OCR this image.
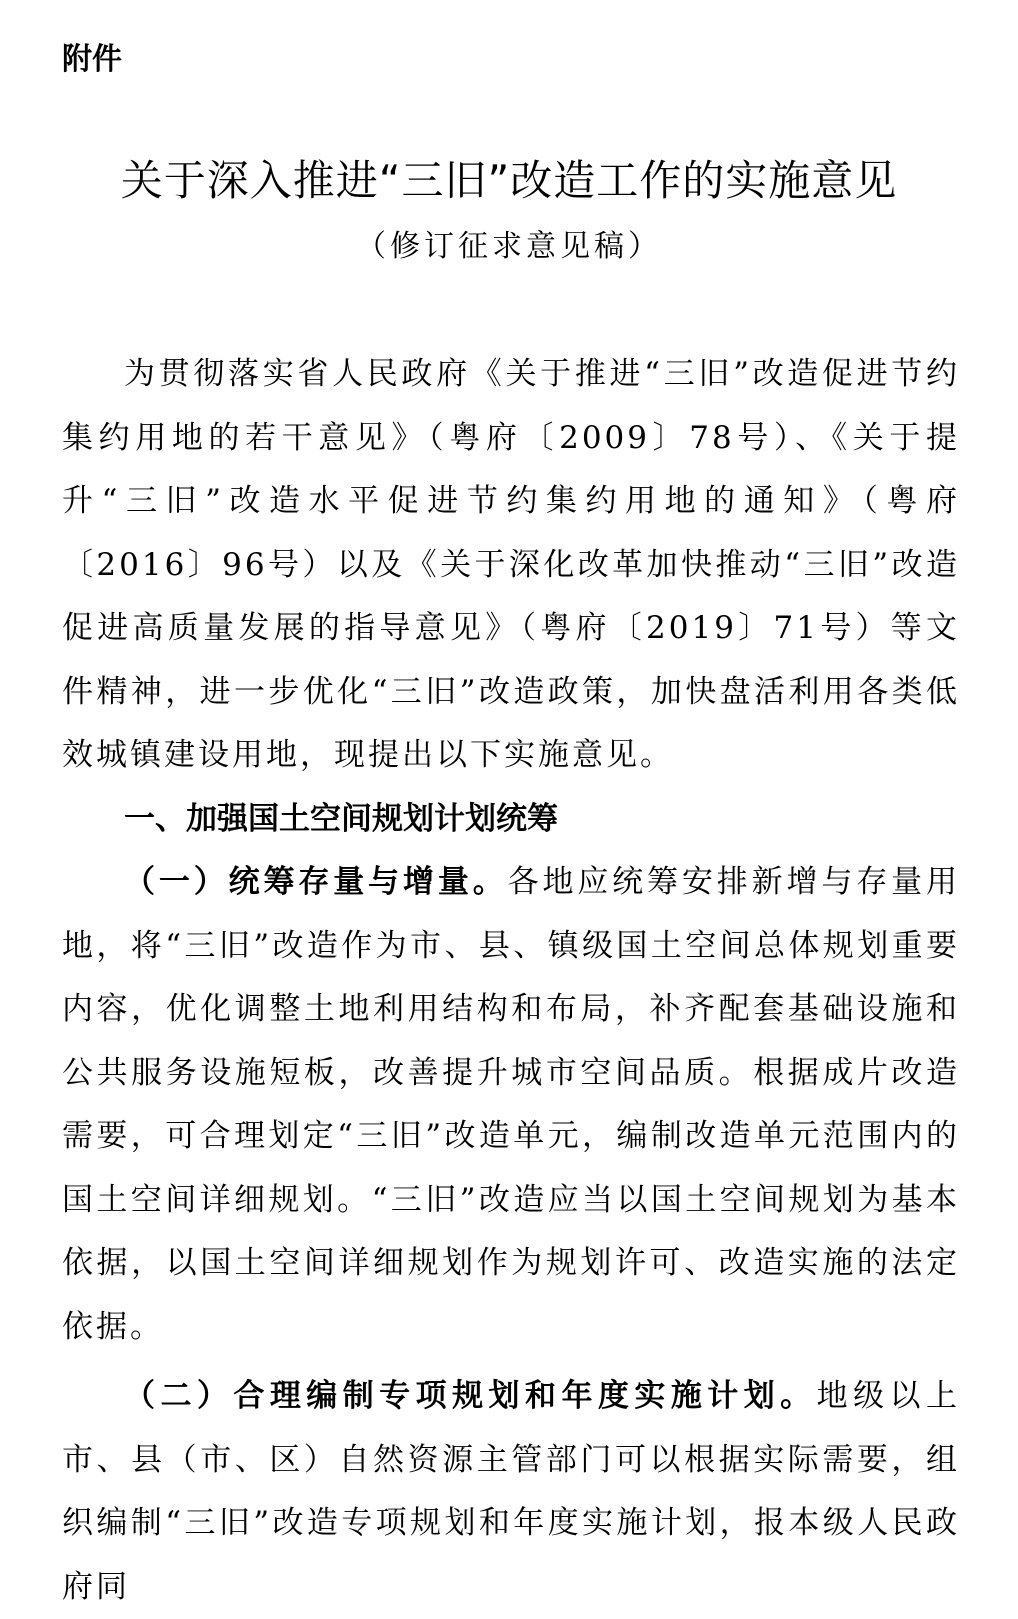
附件

关于深入推进“三旧”改造工作的实施意见

（修订征求意见稿）

为贯彻落实省人民政府《关于推进“三旧”改造促进节约集约用地的若干意见》（粤府〔2009〕78号）、《关于提升“三旧”改造水平促进节约集约用地的通知》（粤府〔2016〕96号）以及《关于深化改革加快推动“三旧”改造促进高质量发展的指导意见》（粤府〔2019〕71号）等文件精神，进一步优化“三旧”改造政策，加快盘活利用各类低效城镇建设用地，现提出以下实施意见。

一、加强国土空间规划计划统筹

（一）统筹存量与增量。各地应统筹安排新增与存量用地，将“三旧”改造作为市、县、镇级国土空间总体规划重要内容，优化调整土地利用结构和布局，补齐配套基础设施和公共服务设施短板，改善提升城市空间品质。根据成片改造需要，可合理划定“三旧”改造单元，编制改造单元范围内的国土空间详细规划。“三旧”改造应当以国土空间规划为基本依据，以国土空间详细规划作为规划许可、改造实施的法定依据。

（二）合理编制专项规划和年度实施计划。地级以上市、县（市、区）自然资源主管部门可以根据实际需要，组织编制“三旧”改造专项规划和年度实施计划，报本级人民政府同
